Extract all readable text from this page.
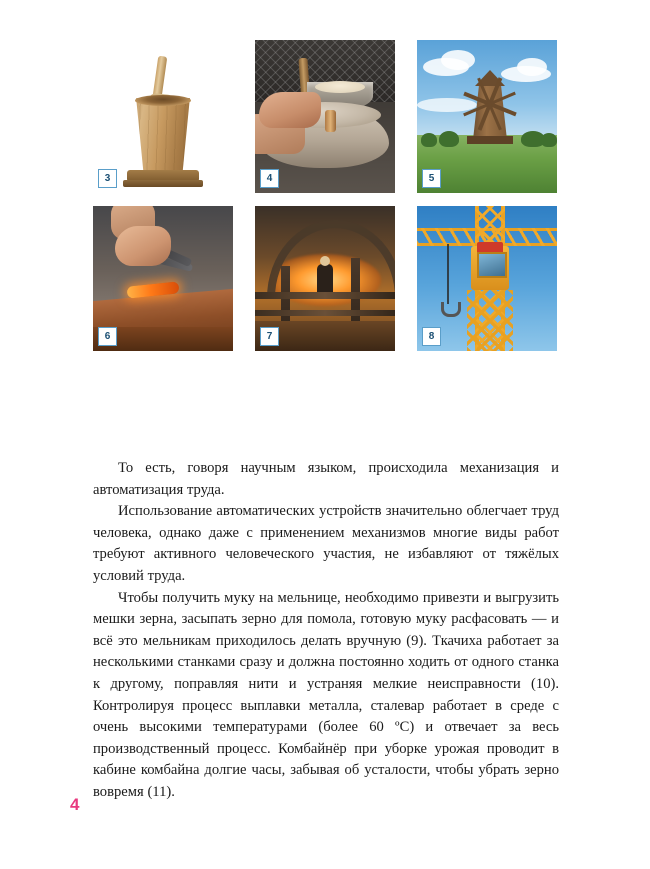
3	4	5
6	7	8

То есть, говоря научным языком, происходила механизация и автоматизация труда.

Использование автоматических устройств значительно облегчает труд человека, однако даже с применением механизмов многие виды работ требуют активного человеческого участия, не избавляют от тяжёлых условий труда.

Чтобы получить муку на мельнице, необходимо привезти и выгрузить мешки зерна, засыпать зерно для помола, готовую муку расфасовать — и всё это мельникам приходилось делать вручную (9). Ткачиха работает за несколькими станками сразу и должна постоянно ходить от одного станка к другому, поправляя нити и устраняя мелкие неисправности (10). Контролируя процесс выплавки металла, сталевар работает в среде с очень высокими температурами (более 60 ºС) и отвечает за весь производственный процесс. Комбайнёр при уборке урожая проводит в кабине комбайна долгие часы, забывая об усталости, чтобы убрать зерно вовремя (11).

4
